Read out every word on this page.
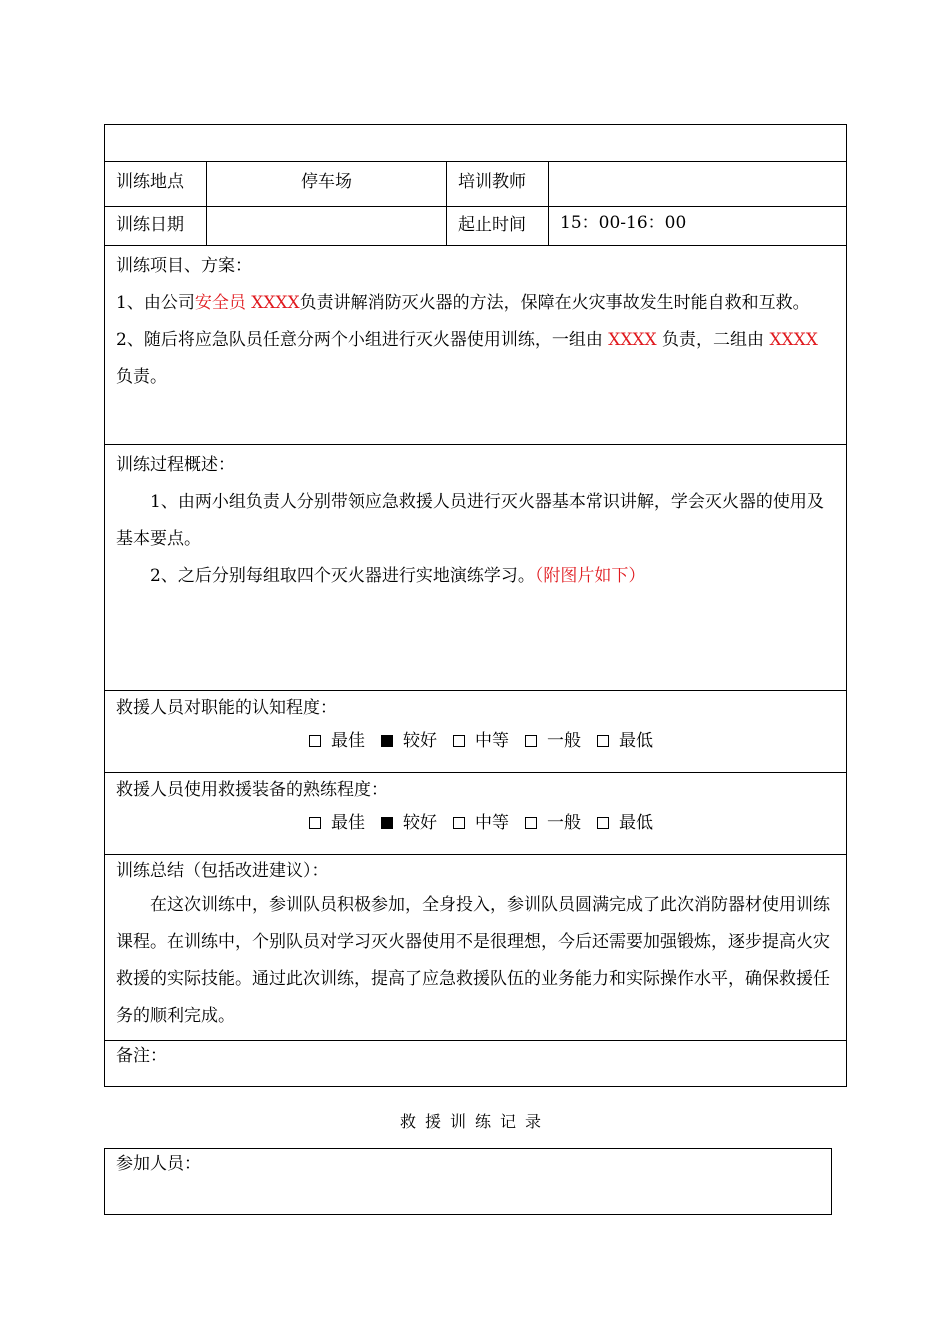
训练地点	停车场	培训教师	

训练日期		起止时间	15：00-16：00

训练项目、方案：

1、由公司安全员 XXXX负责讲解消防灭火器的方法，保障在火灾事故发生时能自救和互救。

2、随后将应急队员任意分两个小组进行灭火器使用训练，一组由 XXXX 负责，二组由 XXXX 负责。			

训练过程概述：

1、由两小组负责人分别带领应急救援人员进行灭火器基本常识讲解，学会灭火器的使用及基本要点。

2、之后分别每组取四个灭火器进行实地演练学习。（附图片如下）			

救援人员对职能的认知程度：

最佳 较好 中等 一般 最低			

救援人员使用救援装备的熟练程度：

最佳 较好 中等 一般 最低			

训练总结（包括改进建议）：

在这次训练中，参训队员积极参加，全身投入，参训队员圆满完成了此次消防器材使用训练课程。在训练中，个别队员对学习灭火器使用不是很理想，今后还需要加强锻炼，逐步提高火灾救援的实际技能。通过此次训练，提高了应急救援队伍的业务能力和实际操作水平，确保救援任务的顺利完成。			

备注：			

救援训练记录

参加人员：
